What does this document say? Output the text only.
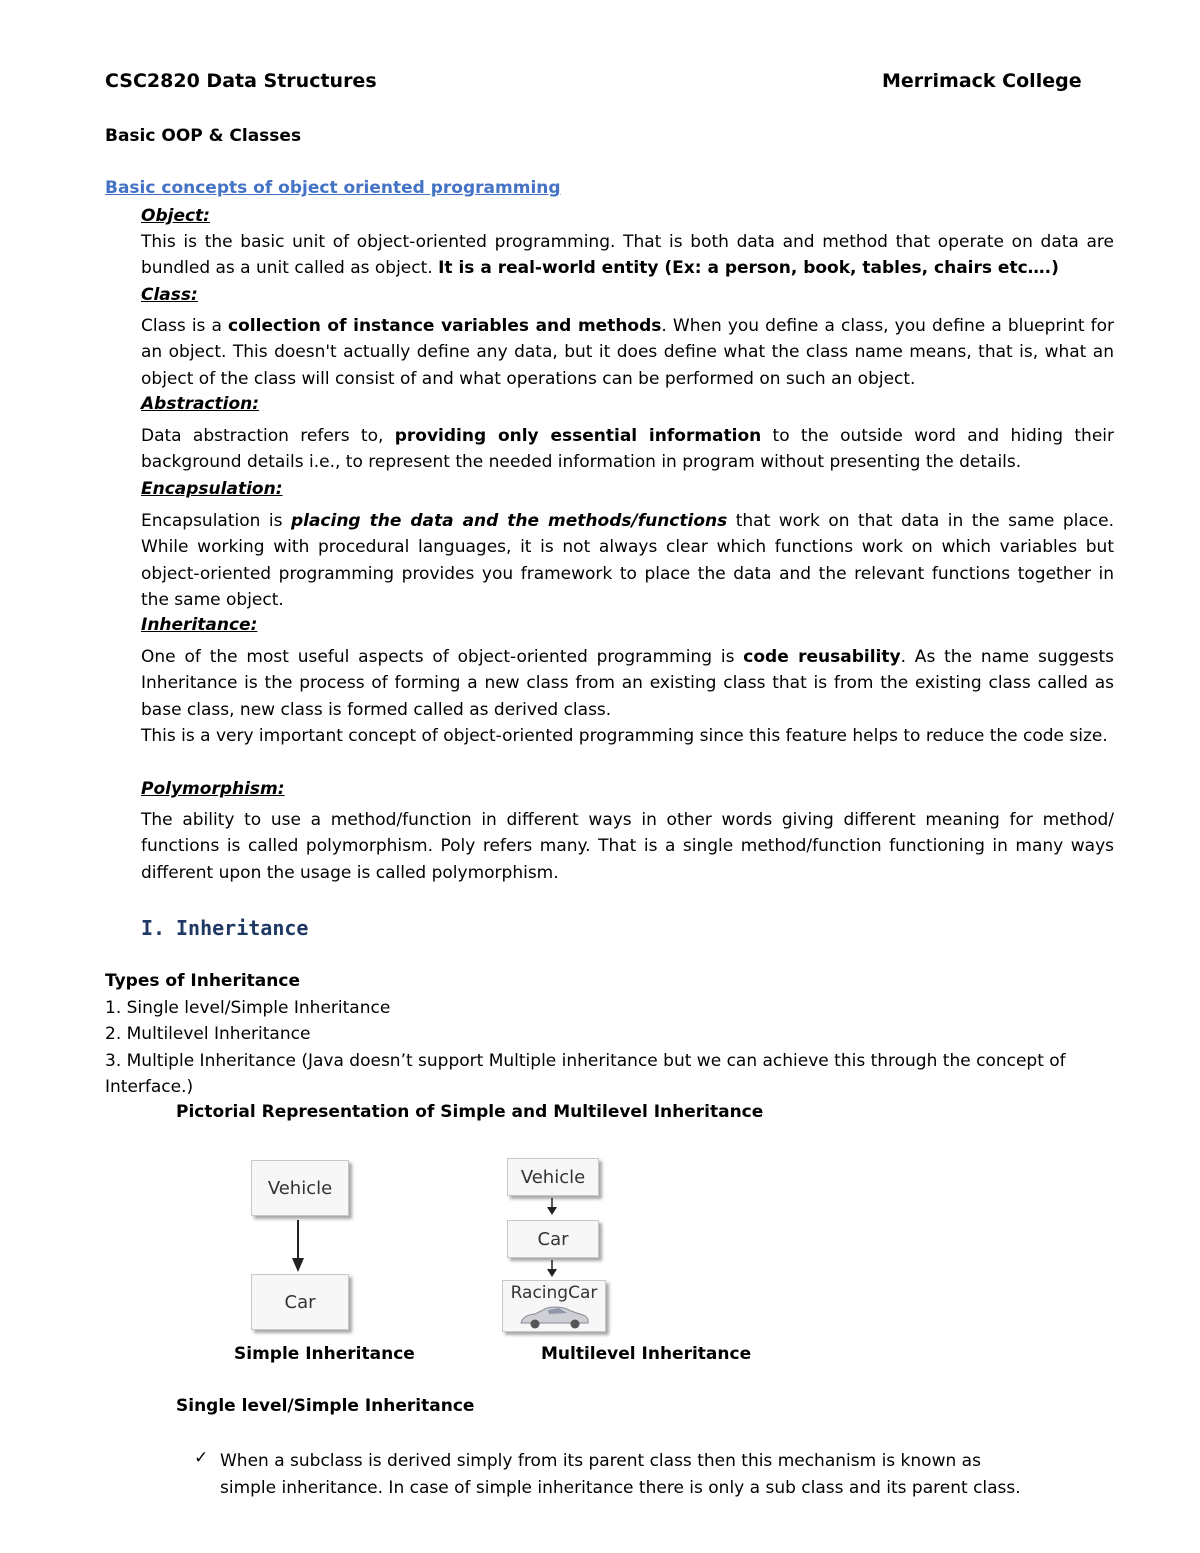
CSC2820 Data Structures	Merrimack College
Basic OOP & Classes
Basic concepts of object oriented programming
Object:
This is the basic unit of object-oriented programming. That is both data and method that operate on data are bundled as a unit called as object. It is a real-world entity (Ex: a person, book, tables, chairs etc….)
Class:
Class is a collection of instance variables and methods. When you define a class, you define a blueprint for an object. This doesn't actually define any data, but it does define what the class name means, that is, what an object of the class will consist of and what operations can be performed on such an object.
Abstraction:
Data abstraction refers to, providing only essential information to the outside word and hiding their background details i.e., to represent the needed information in program without presenting the details.
Encapsulation:
Encapsulation is placing the data and the methods/functions that work on that data in the same place. While working with procedural languages, it is not always clear which functions work on which variables but object-oriented programming provides you framework to place the data and the relevant functions together in the same object.
Inheritance:
One of the most useful aspects of object-oriented programming is code reusability. As the name suggests Inheritance is the process of forming a new class from an existing class that is from the existing class called as base class, new class is formed called as derived class.
This is a very important concept of object-oriented programming since this feature helps to reduce the code size.
Polymorphism:
The ability to use a method/function in different ways in other words giving different meaning for method/ functions is called polymorphism. Poly refers many. That is a single method/function functioning in many ways different upon the usage is called polymorphism.
I. Inheritance
Types of Inheritance
1. Single level/Simple Inheritance
2. Multilevel Inheritance
3. Multiple Inheritance (Java doesn’t support Multiple inheritance but we can achieve this through the concept of Interface.)
Pictorial Representation of Simple and Multilevel Inheritance
Vehicle
Car
Vehicle
Car
RacingCar
Simple Inheritance	Multilevel Inheritance
Single level/Simple Inheritance
✓ When a subclass is derived simply from its parent class then this mechanism is known as simple inheritance. In case of simple inheritance there is only a sub class and its parent class.
